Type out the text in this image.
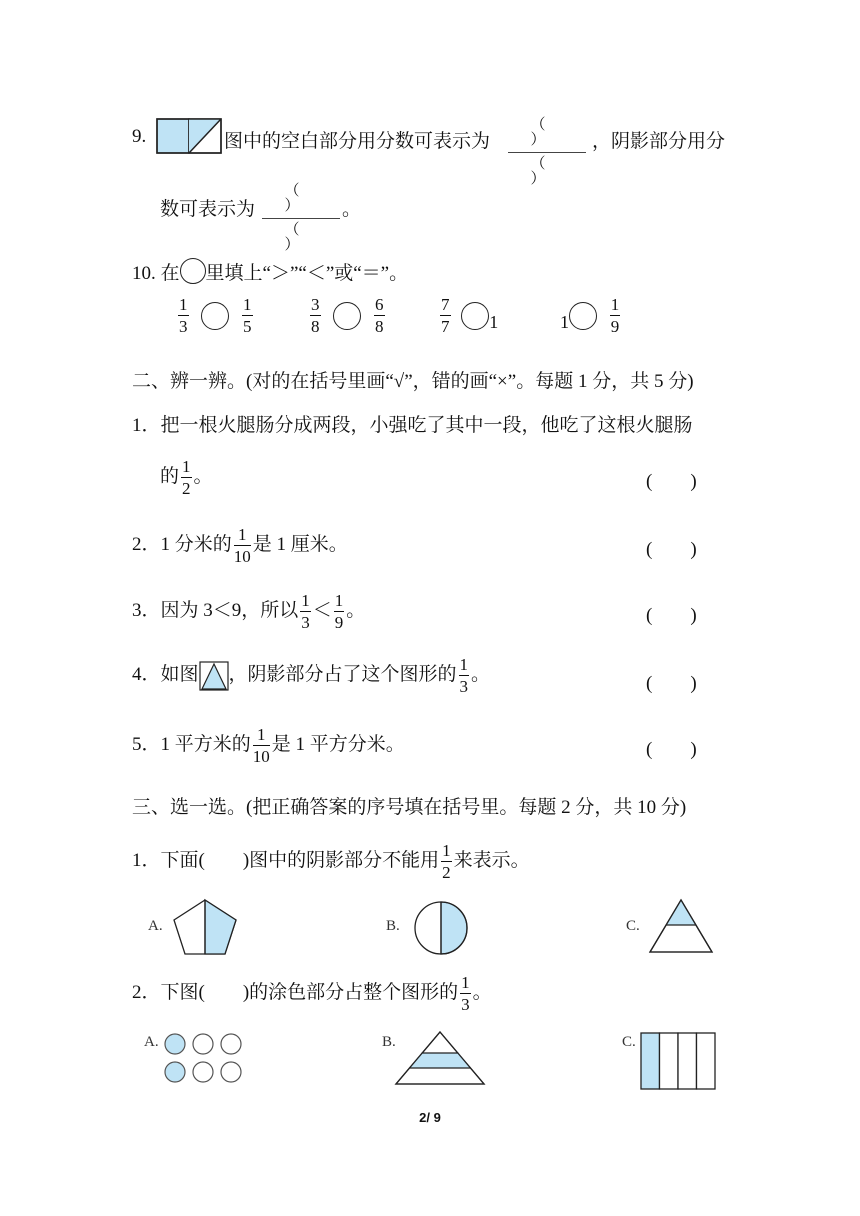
9.	图中的空白部分用分数可表示为
（ ）
（ ）
，阴影部分用分
数可表示为
（ ）
（ ）
。
10. 在 里填上“＞”“＜”或“＝”。
$\frac{1}{3}$
	$\frac{1}{5}$	$\frac{3}{8}$
	$\frac{6}{8}$	$\frac{7}{7} 1$	$1 \frac{1}{9}$
二、辨一辨。(对的在括号里画“√”，错的画“×”。每题 1 分，共 5 分)
1．把一根火腿肠分成两段，小强吃了其中一段，他吃了这根火腿肠
的 $\frac{1}{2}$ 。	(　　)
2．1 分米的 $\frac{1}{10}$ 是 1 厘米。	(　　)
3．因为 3＜9，所以 $\frac{1}{3} < \frac{1}{9}$ 。	(　　)
4．如图 ，阴影部分占了这个图形的 $\frac{1}{3}$ 。	(　　)
5．1 平方米的 $\frac{1}{10}$ 是 1 平方分米。	(　　)
三、选一选。(把正确答案的序号填在括号里。每题 2 分，共 10 分)
1．下面(　　)图中的阴影部分不能用 $\frac{1}{2}$ 来表示。
A.	B.	C.
2．下图(　　)的涂色部分占整个图形的 $\frac{1}{3}$ 。
A.	B.	C.
2/ 9
